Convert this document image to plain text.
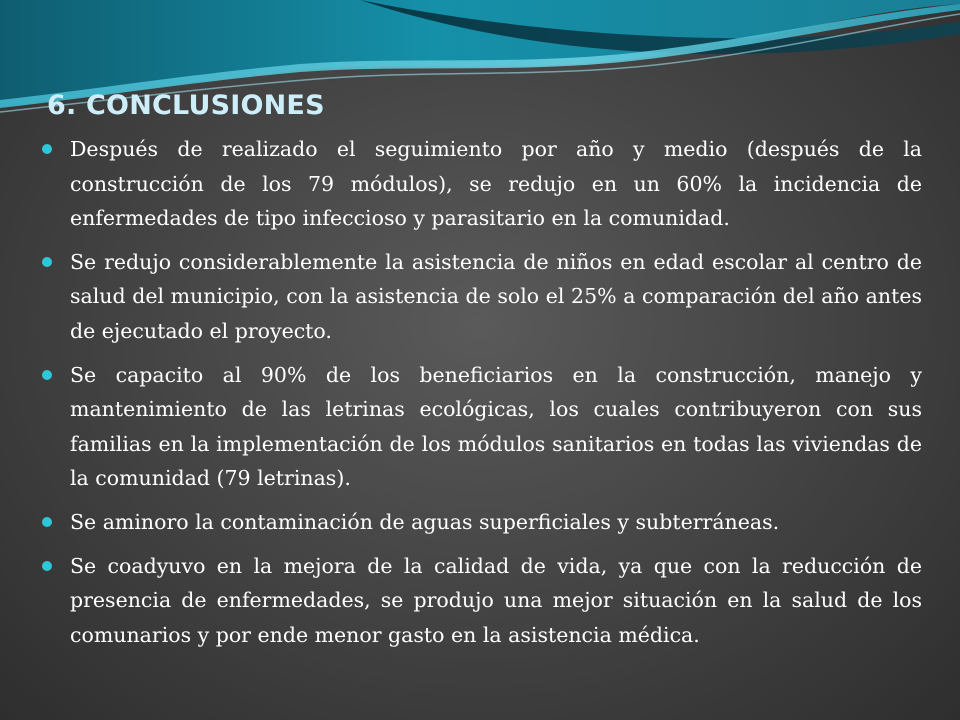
6. CONCLUSIONES
Después de realizado el seguimiento por año y medio (después de la construcción de los 79 módulos), se redujo en un 60% la incidencia de enfermedades de tipo infeccioso y parasitario en la comunidad.
Se redujo considerablemente la asistencia de niños en edad escolar al centro de salud del municipio, con la asistencia de solo el 25% a comparación del año antes de ejecutado el proyecto.
Se capacito al 90% de los beneficiarios en la construcción, manejo y mantenimiento de las letrinas ecológicas, los cuales contribuyeron con sus familias en la implementación de los módulos sanitarios en todas las viviendas de la comunidad (79 letrinas).
Se aminoro la contaminación de aguas superficiales y subterráneas.
Se coadyuvo en la mejora de la calidad de vida, ya que con la reducción de presencia de enfermedades, se produjo una mejor situación en la salud de los comunarios y por ende menor gasto en la asistencia médica.
